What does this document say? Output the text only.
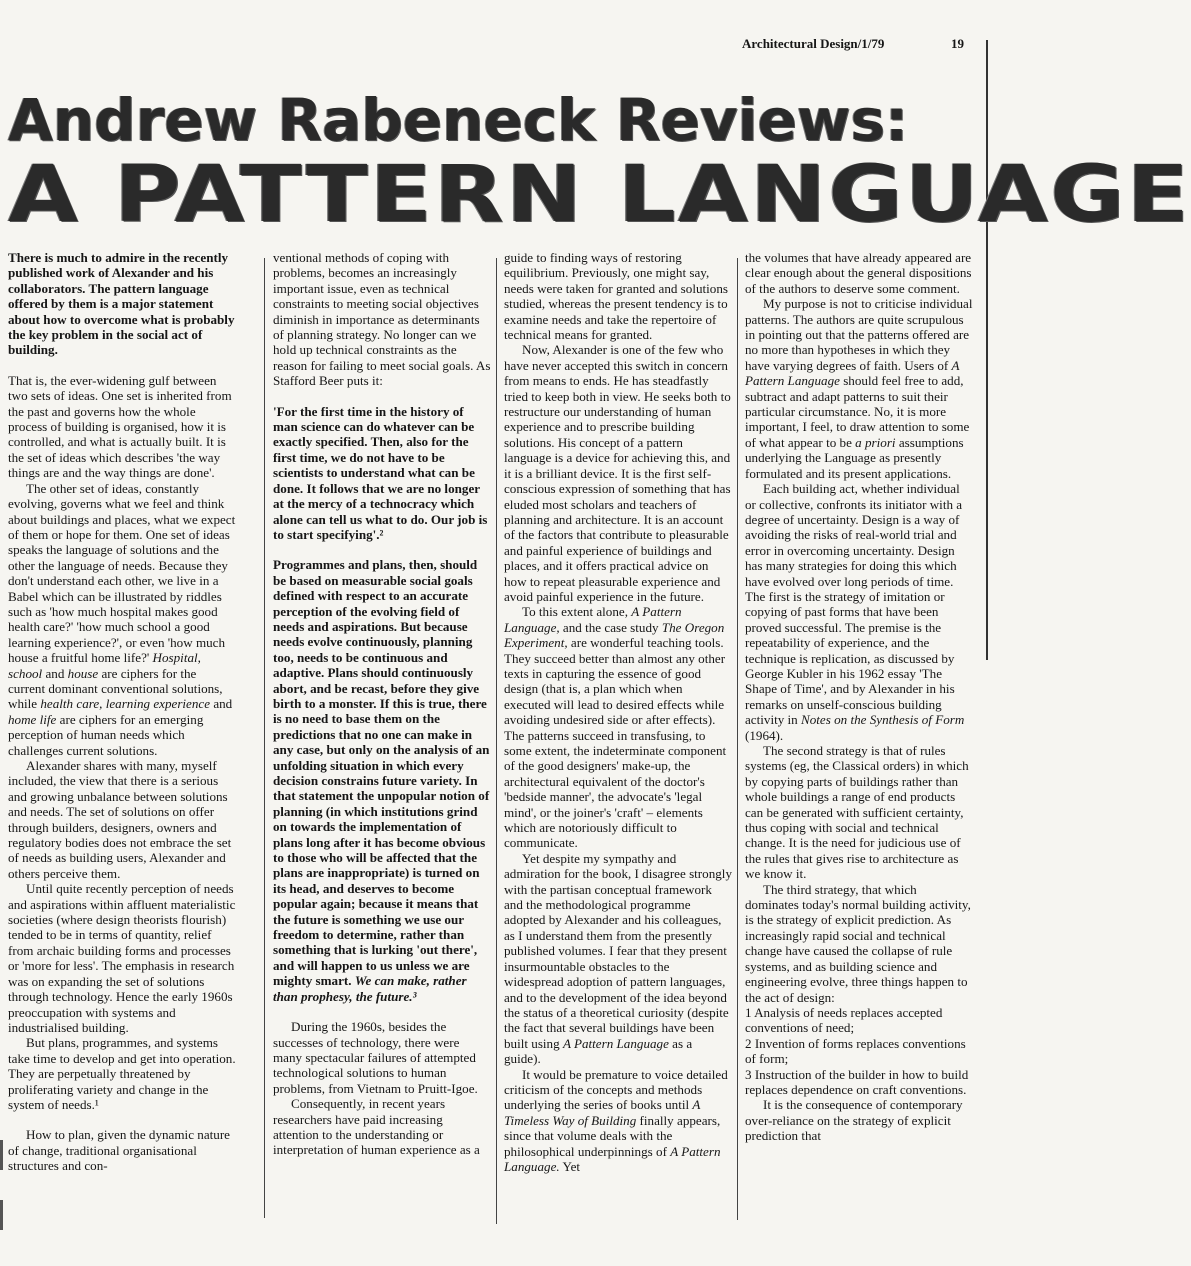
Architectural Design/1/79	19
Andrew Rabeneck Reviews:
A PATTERN LANGUAGE

There is much to admire in the recently published work of Alexander and his collaborators. The pattern language offered by them is a major statement about how to overcome what is probably the key problem in the social act of building.

That is, the ever-widening gulf between two sets of ideas. One set is inherited from the past and governs how the whole process of building is organised, how it is controlled, and what is actually built. It is the set of ideas which describes 'the way things are and the way things are done'.

The other set of ideas, constantly evolving, governs what we feel and think about buildings and places, what we expect of them or hope for them. One set of ideas speaks the language of solutions and the other the language of needs. Because they don't understand each other, we live in a Babel which can be illustrated by riddles such as 'how much hospital makes good health care?' 'how much school a good learning experience?', or even 'how much house a fruitful home life?' Hospital, school and house are ciphers for the current dominant conventional solutions, while health care, learning experience and home life are ciphers for an emerging perception of human needs which challenges current solutions.

Alexander shares with many, myself included, the view that there is a serious and growing unbalance between solutions and needs. The set of solutions on offer through builders, designers, owners and regulatory bodies does not embrace the set of needs as building users, Alexander and others perceive them.

Until quite recently perception of needs and aspirations within affluent materialistic societies (where design theorists flourish) tended to be in terms of quantity, relief from archaic building forms and processes or 'more for less'. The emphasis in research was on expanding the set of solutions through technology. Hence the early 1960s preoccupation with systems and industrialised building.

But plans, programmes, and systems take time to develop and get into operation. They are perpetually threatened by proliferating variety and change in the system of needs.¹

How to plan, given the dynamic nature of change, traditional organisational structures and con-

ventional methods of coping with problems, becomes an increasingly important issue, even as technical constraints to meeting social objectives diminish in importance as determinants of planning strategy. No longer can we hold up technical constraints as the reason for failing to meet social goals. As Stafford Beer puts it:

'For the first time in the history of man science can do whatever can be exactly specified. Then, also for the first time, we do not have to be scientists to understand what can be done. It follows that we are no longer at the mercy of a technocracy which alone can tell us what to do. Our job is to start specifying'.²

Programmes and plans, then, should be based on measurable social goals defined with respect to an accurate perception of the evolving field of needs and aspirations. But because needs evolve continuously, planning too, needs to be continuous and adaptive. Plans should continuously abort, and be recast, before they give birth to a monster. If this is true, there is no need to base them on the predictions that no one can make in any case, but only on the analysis of an unfolding situation in which every decision constrains future variety. In that statement the unpopular notion of planning (in which institutions grind on towards the implementation of plans long after it has become obvious to those who will be affected that the plans are inappropriate) is turned on its head, and deserves to become popular again; because it means that the future is something we use our freedom to determine, rather than something that is lurking 'out there', and will happen to us unless we are mighty smart. We can make, rather than prophesy, the future.³

During the 1960s, besides the successes of technology, there were many spectacular failures of attempted technological solutions to human problems, from Vietnam to Pruitt-Igoe.

Consequently, in recent years researchers have paid increasing attention to the understanding or interpretation of human experience as a

guide to finding ways of restoring equilibrium. Previously, one might say, needs were taken for granted and solutions studied, whereas the present tendency is to examine needs and take the repertoire of technical means for granted.

Now, Alexander is one of the few who have never accepted this switch in concern from means to ends. He has steadfastly tried to keep both in view. He seeks both to restructure our understanding of human experience and to prescribe building solutions. His concept of a pattern language is a device for achieving this, and it is a brilliant device. It is the first self-conscious expression of something that has eluded most scholars and teachers of planning and architecture. It is an account of the factors that contribute to pleasurable and painful experience of buildings and places, and it offers practical advice on how to repeat pleasurable experience and avoid painful experience in the future.

To this extent alone, A Pattern Language, and the case study The Oregon Experiment, are wonderful teaching tools. They succeed better than almost any other texts in capturing the essence of good design (that is, a plan which when executed will lead to desired effects while avoiding undesired side or after effects). The patterns succeed in transfusing, to some extent, the indeterminate component of the good designers' make-up, the architectural equivalent of the doctor's 'bedside manner', the advocate's 'legal mind', or the joiner's 'craft' – elements which are notoriously difficult to communicate.

Yet despite my sympathy and admiration for the book, I disagree strongly with the partisan conceptual framework and the methodological programme adopted by Alexander and his colleagues, as I understand them from the presently published volumes. I fear that they present insurmountable obstacles to the widespread adoption of pattern languages, and to the development of the idea beyond the status of a theoretical curiosity (despite the fact that several buildings have been built using A Pattern Language as a guide).

It would be premature to voice detailed criticism of the concepts and methods underlying the series of books until A Timeless Way of Building finally appears, since that volume deals with the philosophical underpinnings of A Pattern Language. Yet

the volumes that have already appeared are clear enough about the general dispositions of the authors to deserve some comment.

My purpose is not to criticise individual patterns. The authors are quite scrupulous in pointing out that the patterns offered are no more than hypotheses in which they have varying degrees of faith. Users of A Pattern Language should feel free to add, subtract and adapt patterns to suit their particular circumstance. No, it is more important, I feel, to draw attention to some of what appear to be a priori assumptions underlying the Language as presently formulated and its present applications.

Each building act, whether individual or collective, confronts its initiator with a degree of uncertainty. Design is a way of avoiding the risks of real-world trial and error in overcoming uncertainty. Design has many strategies for doing this which have evolved over long periods of time. The first is the strategy of imitation or copying of past forms that have been proved successful. The premise is the repeatability of experience, and the technique is replication, as discussed by George Kubler in his 1962 essay 'The Shape of Time', and by Alexander in his remarks on unself-conscious building activity in Notes on the Synthesis of Form (1964).

The second strategy is that of rules systems (eg, the Classical orders) in which by copying parts of buildings rather than whole buildings a range of end products can be generated with sufficient certainty, thus coping with social and technical change. It is the need for judicious use of the rules that gives rise to architecture as we know it.

The third strategy, that which dominates today's normal building activity, is the strategy of explicit prediction. As increasingly rapid social and technical change have caused the collapse of rule systems, and as building science and engineering evolve, three things happen to the act of design:

1 Analysis of needs replaces accepted conventions of need;

2 Invention of forms replaces conventions of form;

3 Instruction of the builder in how to build replaces dependence on craft conventions.

It is the consequence of contemporary over-reliance on the strategy of explicit prediction that
